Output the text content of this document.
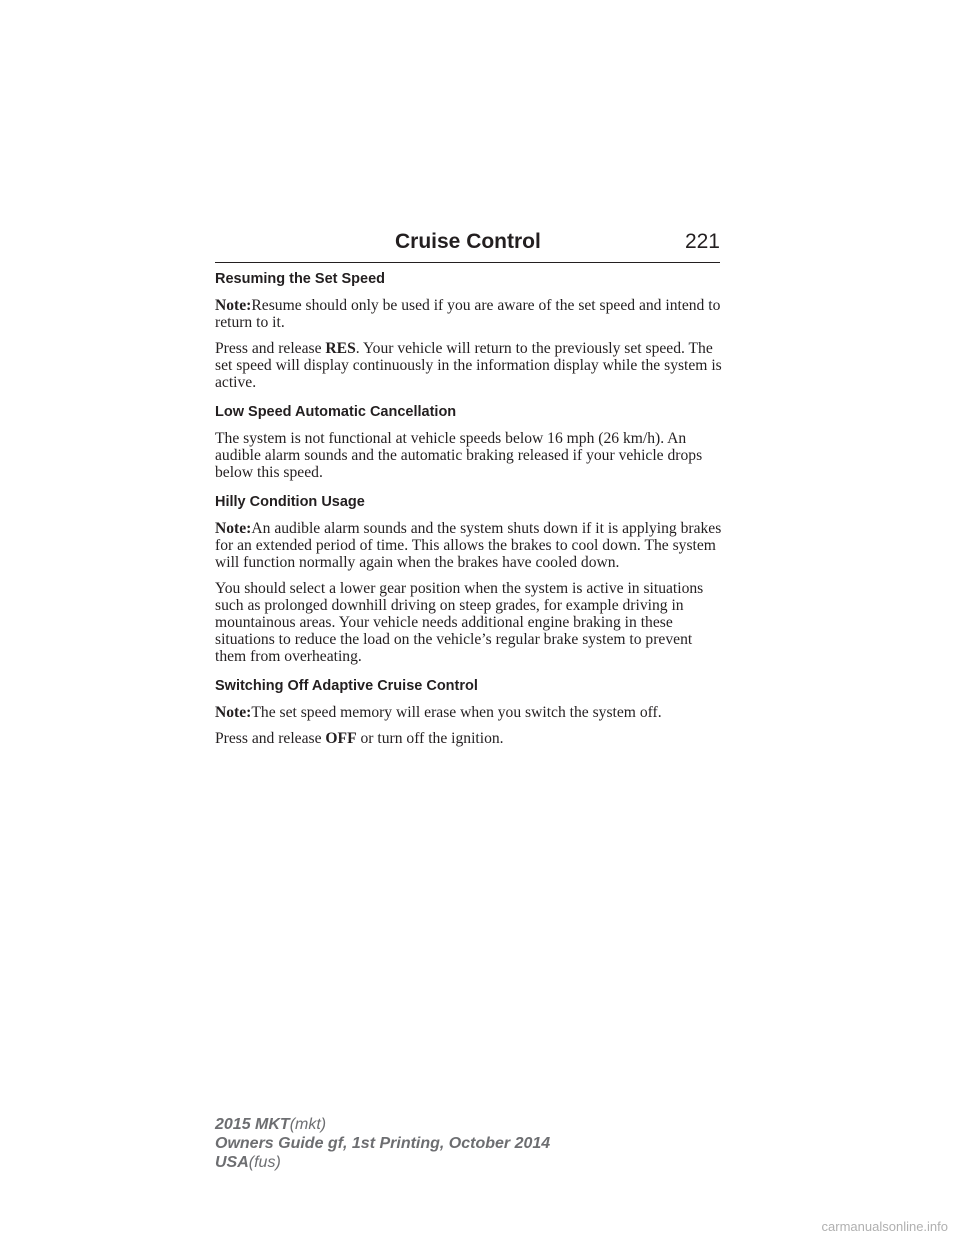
Cruise Control	221
Resuming the Set Speed

Note:Resume should only be used if you are aware of the set speed and intend to return to it.

Press and release RES. Your vehicle will return to the previously set speed. The set speed will display continuously in the information display while the system is active.

Low Speed Automatic Cancellation

The system is not functional at vehicle speeds below 16 mph (26 km/h). An audible alarm sounds and the automatic braking released if your vehicle drops below this speed.

Hilly Condition Usage

Note:An audible alarm sounds and the system shuts down if it is applying brakes for an extended period of time. This allows the brakes to cool down. The system will function normally again when the brakes have cooled down.

You should select a lower gear position when the system is active in situations such as prolonged downhill driving on steep grades, for example driving in mountainous areas. Your vehicle needs additional engine braking in these situations to reduce the load on the vehicle’s regular brake system to prevent them from overheating.

Switching Off Adaptive Cruise Control

Note:The set speed memory will erase when you switch the system off.

Press and release OFF or turn off the ignition.

2015 MKT(mkt)
Owners Guide gf, 1st Printing, October 2014
USA(fus)
carmanualsonline.info
